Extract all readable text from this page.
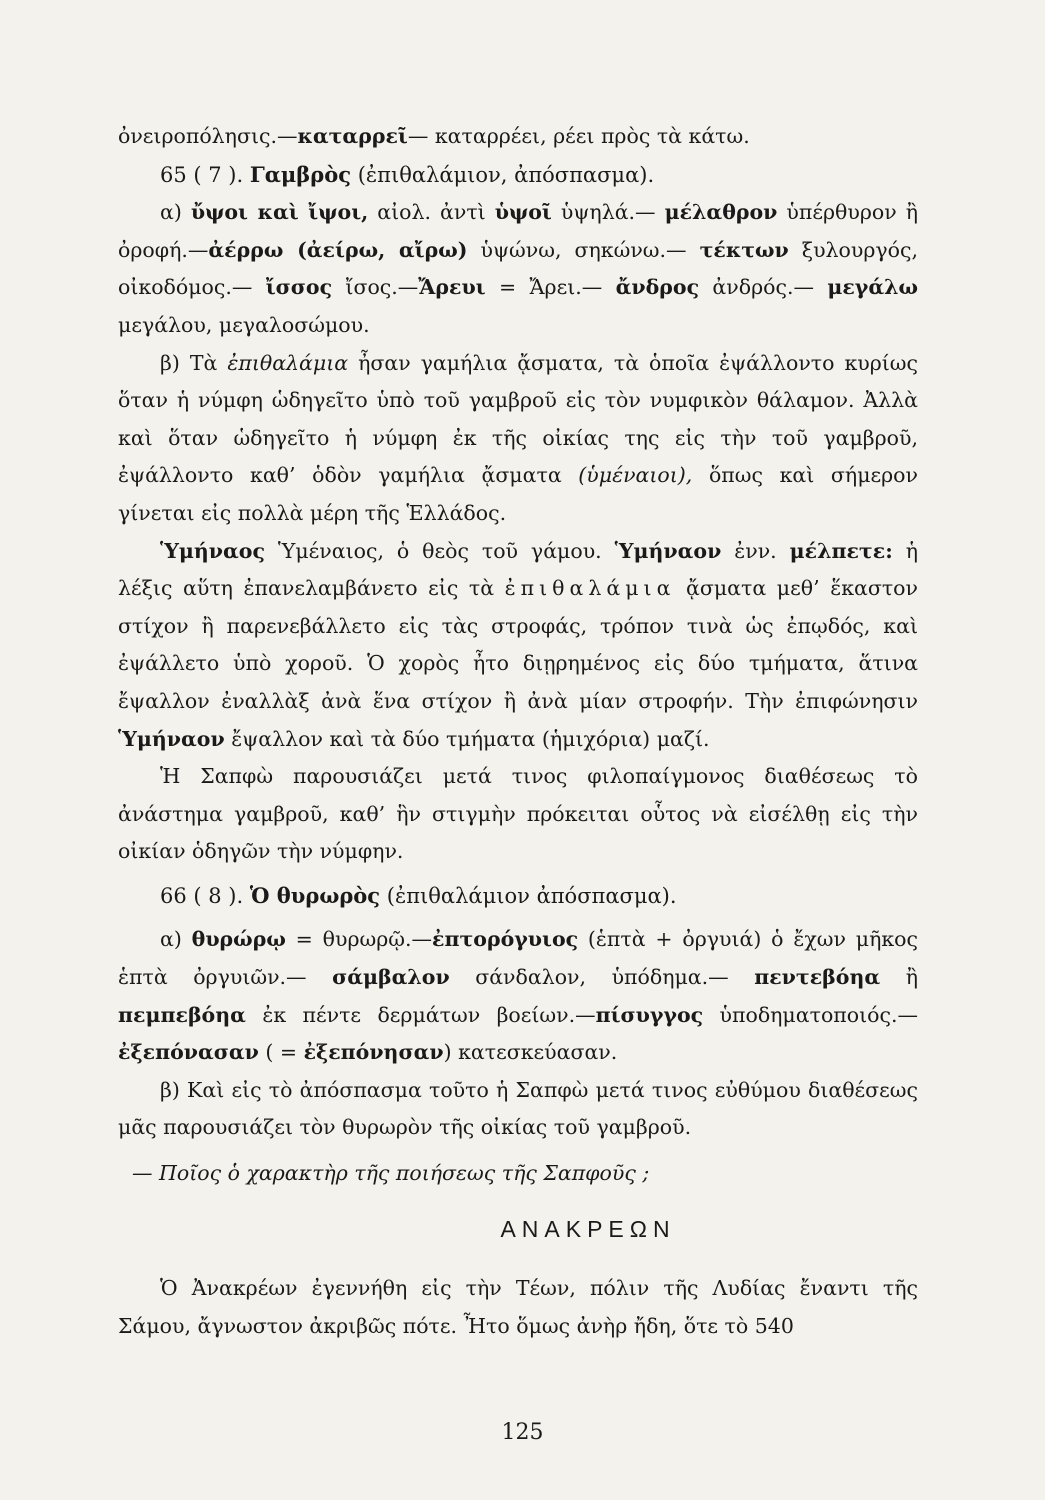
ὀνειροπόλησις.—καταρρεῖ— καταρρέει, ρέει πρὸς τὰ κάτω.

65 ( 7 ). Γαμβρὸς (ἐπιθαλάμιον, ἀπόσπασμα).

α) ὔψοι καὶ ἴψοι, αἰολ. ἀντὶ ὑψοῖ ὑψηλά.— μέλαθρον ὑπέρθυρον ἢ ὀροφή.—ἀέρρω (ἀείρω, αἴρω) ὑψώνω, σηκώνω.— τέκτων ξυλουργός, οἰκοδόμος.— ἴσσος ἴσος.—Ἄρευι = Ἄρει.— ἄνδρος ἀνδρός.— μεγάλω μεγάλου, μεγαλοσώμου.

β) Τὰ ἐπιθαλάμια ἦσαν γαμήλια ᾄσματα, τὰ ὁποῖα ἐψάλλοντο κυρίως ὅταν ἡ νύμφη ὡδηγεῖτο ὑπὸ τοῦ γαμβροῦ εἰς τὸν νυμφικὸν θάλαμον. Ἀλλὰ καὶ ὅταν ὡδηγεῖτο ἡ νύμφη ἐκ τῆς οἰκίας της εἰς τὴν τοῦ γαμβροῦ, ἐψάλλοντο καθ’ ὁδὸν γαμήλια ᾄσματα (ὑμέναιοι), ὅπως καὶ σήμερον γίνεται εἰς πολλὰ μέρη τῆς Ἑλλάδος.

Ὑμήναος Ὑμέναιος, ὁ θεὸς τοῦ γάμου. Ὑμήναον ἐνν. μέλπετε: ἡ λέξις αὕτη ἐπανελαμβάνετο εἰς τὰ ἐπιθαλάμια ᾄσματα μεθ’ ἕκαστον στίχον ἢ παρενεβάλλετο εἰς τὰς στροφάς, τρόπον τινὰ ὡς ἐπῳδός, καὶ ἐψάλλετο ὑπὸ χοροῦ. Ὁ χορὸς ἦτο διῃρημένος εἰς δύο τμήματα, ἅτινα ἔψαλλον ἐναλλὰξ ἀνὰ ἕνα στίχον ἢ ἀνὰ μίαν στροφήν. Τὴν ἐπιφώνησιν Ὑμήναον ἔψαλλον καὶ τὰ δύο τμήματα (ἡμιχόρια) μαζί.

Ἡ Σαπφὼ παρουσιάζει μετά τινος φιλοπαίγμονος διαθέσεως τὸ ἀνάστημα γαμβροῦ, καθ’ ἣν στιγμὴν πρόκειται οὗτος νὰ εἰσέλθῃ εἰς τὴν οἰκίαν ὁδηγῶν τὴν νύμφην.

66 ( 8 ). Ὁ θυρωρὸς (ἐπιθαλάμιον ἀπόσπασμα).

α) θυρώρῳ = θυρωρῷ.—ἐπτορόγυιος (ἑπτὰ + ὀργυιά) ὁ ἔχων μῆκος ἑπτὰ ὀργυιῶν.— σάμβαλον σάνδαλον, ὑπόδημα.— πεντεβόηα ἢ πεμπεβόηα ἐκ πέντε δερμάτων βοείων.—πίσυγγος ὑποδηματοποιός.— ἐξεπόνασαν ( = ἐξεπόνησαν) κατεσκεύασαν.

β) Καὶ εἰς τὸ ἀπόσπασμα τοῦτο ἡ Σαπφὼ μετά τινος εὐθύμου διαθέσεως μᾶς παρουσιάζει τὸν θυρωρὸν τῆς οἰκίας τοῦ γαμβροῦ.

— Ποῖος ὁ χαρακτὴρ τῆς ποιήσεως τῆς Σαπφοῦς ;

ΑΝΑΚΡΕΩΝ

Ὁ Ἀνακρέων ἐγεννήθη εἰς τὴν Τέων, πόλιν τῆς Λυδίας ἔναντι τῆς Σάμου, ἄγνωστον ἀκριβῶς πότε. Ἦτο ὅμως ἀνὴρ ἤδη, ὅτε τὸ 540

125
